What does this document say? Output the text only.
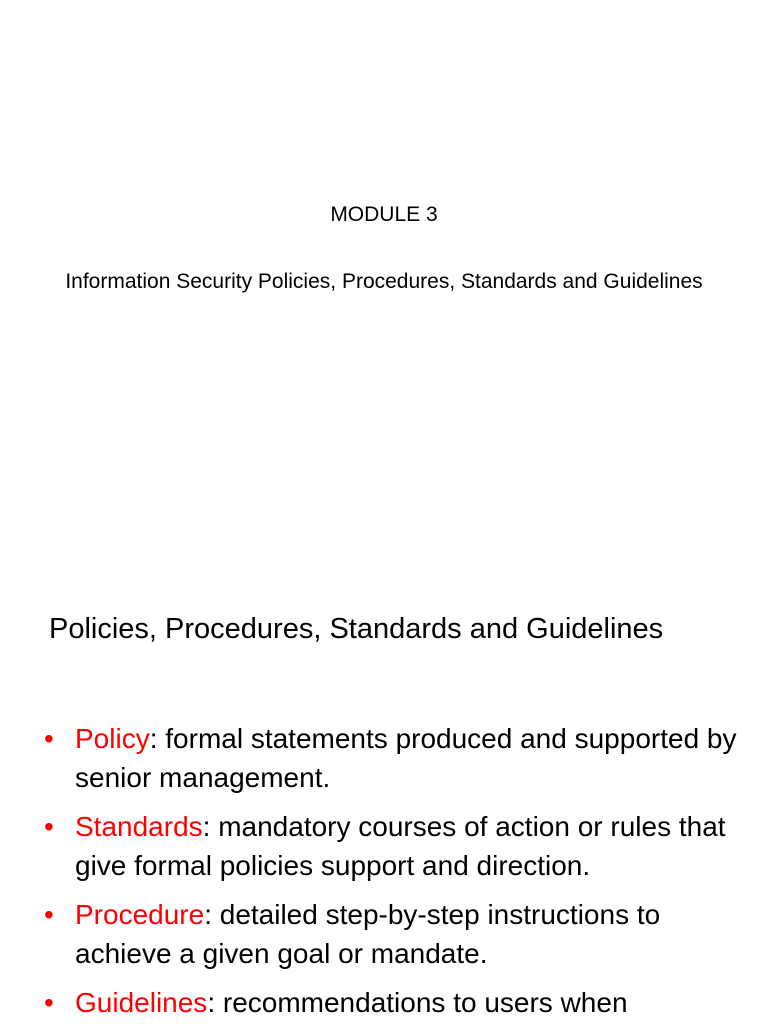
MODULE 3
Information Security Policies, Procedures, Standards and Guidelines
Policies, Procedures, Standards and Guidelines
• Policy: formal statements produced and supported by senior management.
• Standards: mandatory courses of action or rules that give formal policies support and direction.
• Procedure: detailed step-by-step instructions to achieve a given goal or mandate.
• Guidelines: recommendations to users when
